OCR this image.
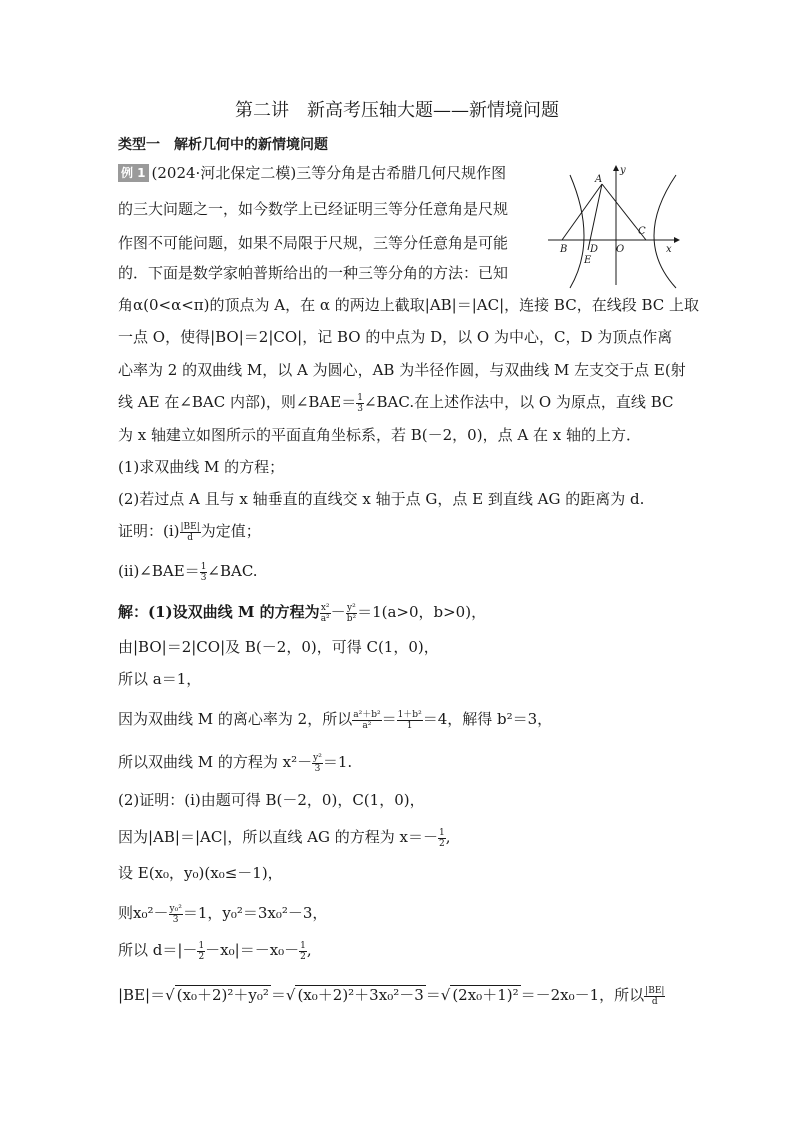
第二讲　新高考压轴大题——新情境问题
类型一　解析几何中的新情境问题
例 1 (2024·河北保定二模)三等分角是古希腊几何尺规作图
的三大问题之一，如今数学上已经证明三等分任意角是尺规
作图不可能问题，如果不局限于尺规，三等分任意角是可能
的．下面是数学家帕普斯给出的一种三等分角的方法：已知
角α(0<α<π)的顶点为 A，在 α 的两边上截取|AB|＝|AC|，连接 BC，在线段 BC 上取
一点 O，使得|BO|＝2|CO|，记 BO 的中点为 D，以 O 为中心，C，D 为顶点作离
心率为 2 的双曲线 M，以 A 为圆心，AB 为半径作圆，与双曲线 M 左支交于点 E(射
线 AE 在∠BAC 内部)，则∠BAE＝ $\frac{1}{3}$ ∠BAC.在上述作法中，以 O 为原点，直线 BC
为 x 轴建立如图所示的平面直角坐标系，若 B(－2，0)，点 A 在 x 轴的上方．
(1)求双曲线 M 的方程；
(2)若过点 A 且与 x 轴垂直的直线交 x 轴于点 G，点 E 到直线 AG 的距离为 d.
证明：(ⅰ) $\frac{|BE|}{d}$ 为定值；
(ⅱ)∠BAE＝ $\frac{1}{3}$ ∠BAC.
解：(1)设双曲线 M 的方程为 $\frac{\text{x²}}{\text{a²}} - \frac{\text{y²}}{\text{b²}} =1(a>0$，b>0)，
由|BO|＝2|CO|及 B(－2，0)，可得 C(1，0)，
所以 a＝1，
因为双曲线 M 的离心率为 2，所以 $\frac{\text{a²＋b²}}{\text{a²}} = \frac{\text{1＋b²}}{1} =4$，解得 b²＝3，
所以双曲线 M 的方程为 $x^2- \frac{\text{y²}}{3} =1$.
(2)证明：(ⅰ)由题可得 B(－2，0)，C(1，0)，
因为|AB|＝|AC|，所以直线 AG 的方程为 $x=- \frac{1}{2}$ ,
设 E(x₀，y₀)(x₀≤－1)，
则$x_0^2- \frac{\text{y₀²}}{3} =1$，y₀²＝3x₀²－3，
所以 $d=|- \frac{1}{2} -x_0|=-x_0- \frac{1}{2}$ ,
|BE|＝√ (x₀＋2)²＋y₀² ＝√ (x₀＋2)²＋3x₀²－3 ＝√ (2x₀＋1)² ＝－2x₀－1，所以 $\frac{|BE|}{d}$
y
A
B D O
C
x
E
